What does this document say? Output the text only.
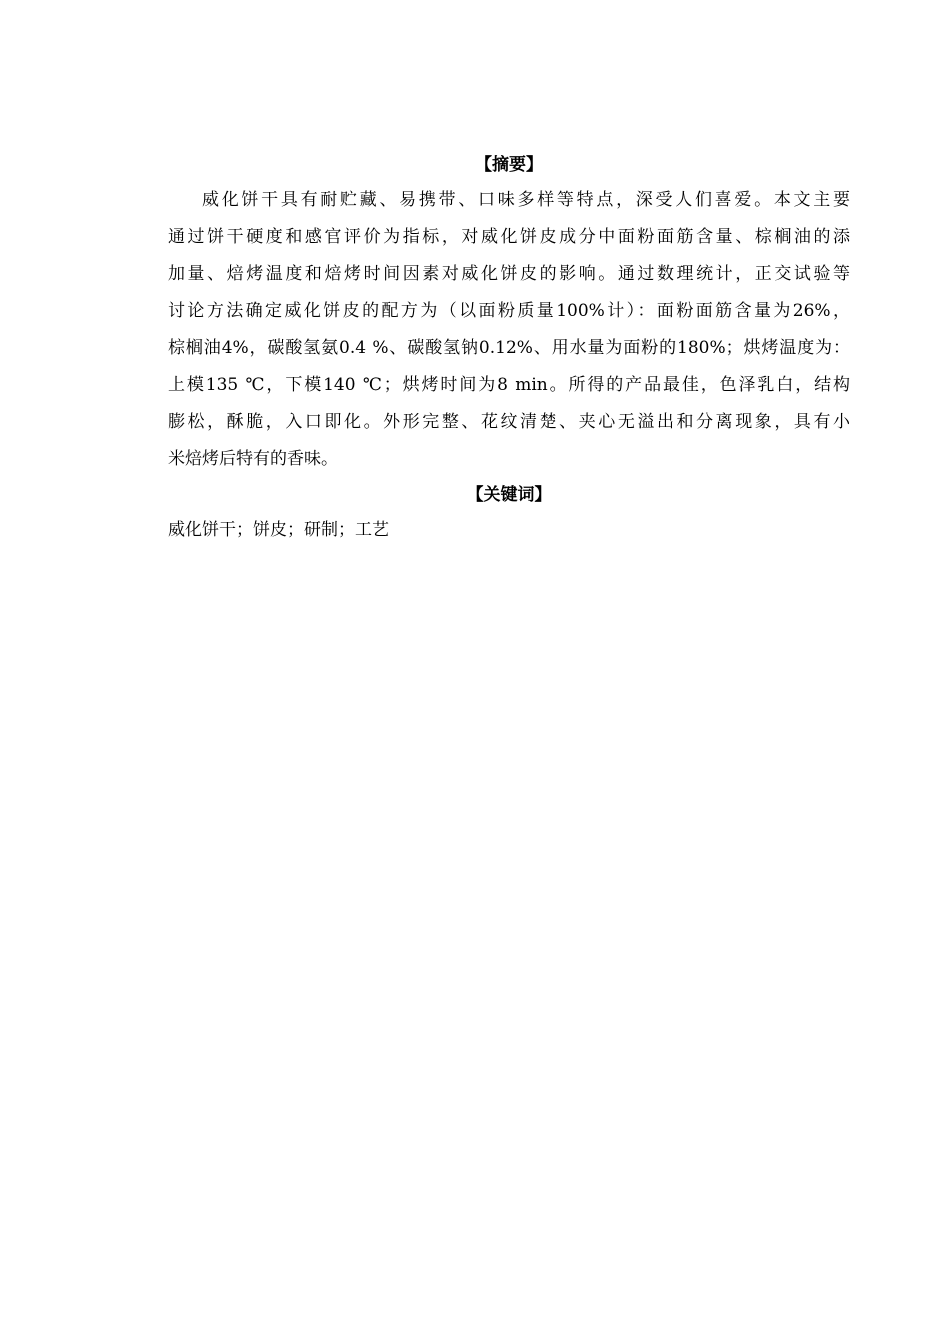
【摘要】
威化饼干具有耐贮藏、易携带、口味多样等特点，深受人们喜爱。本文主要
通过饼干硬度和感官评价为指标，对威化饼皮成分中面粉面筋含量、棕榈油的添
加量、焙烤温度和焙烤时间因素对威化饼皮的影响。通过数理统计，正交试验等
讨论方法确定威化饼皮的配方为（以面粉质量100%计）：面粉面筋含量为26%，
棕榈油4%，碳酸氢氨0.4 %、碳酸氢钠0.12%、用水量为面粉的180%；烘烤温度为：
上模135 ℃，下模140 ℃；烘烤时间为8 min。所得的产品最佳，色泽乳白，结构
膨松，酥脆，入口即化。外形完整、花纹清楚、夹心无溢出和分离现象，具有小
米焙烤后特有的香味。
【关键词】

威化饼干；饼皮；研制；工艺
